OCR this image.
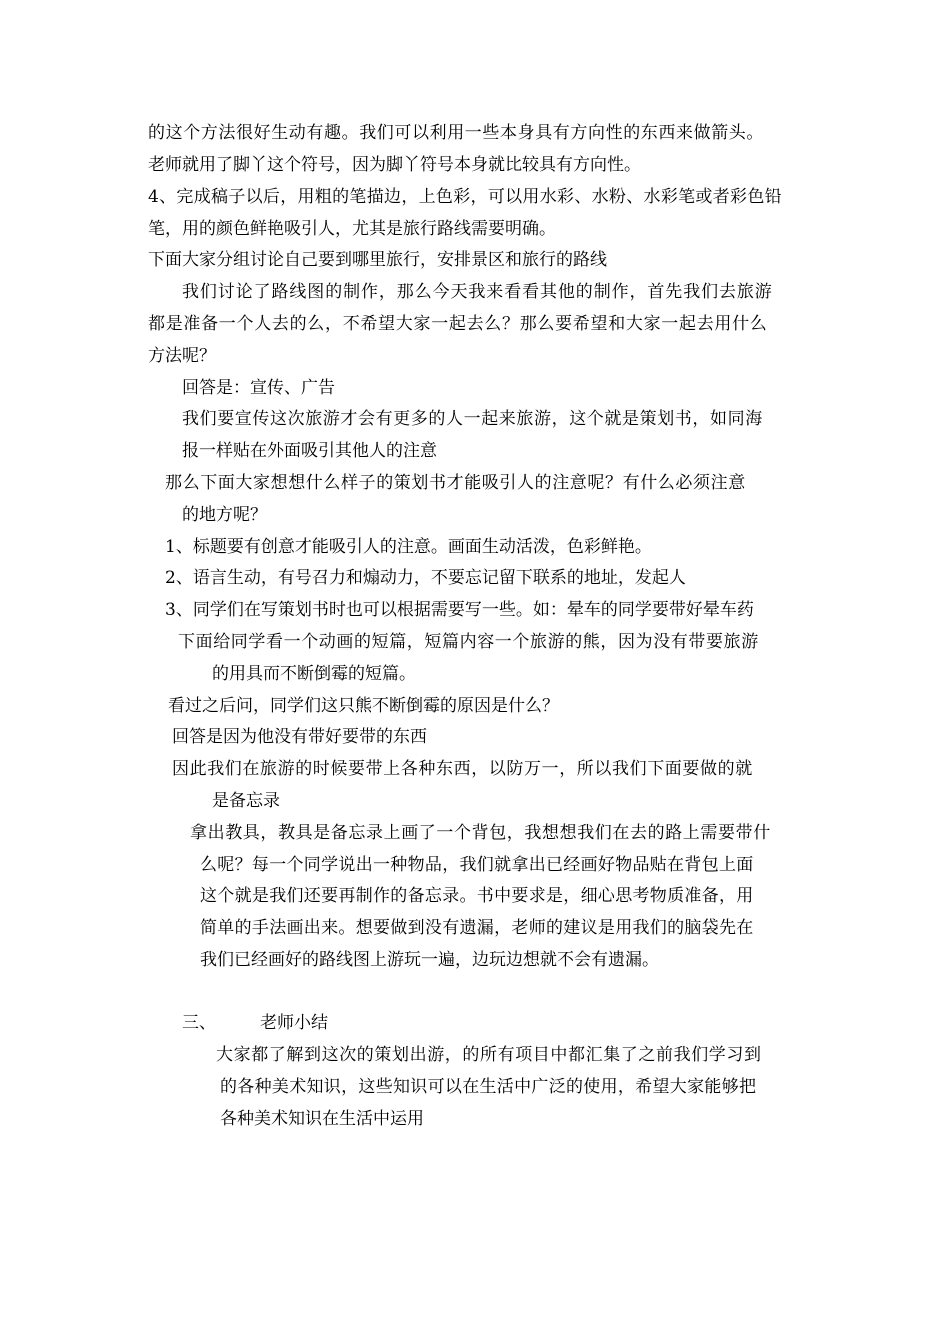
的这个方法很好生动有趣。我们可以利用一些本身具有方向性的东西来做箭头。
老师就用了脚丫这个符号，因为脚丫符号本身就比较具有方向性。
4、完成稿子以后，用粗的笔描边，上色彩，可以用水彩、水粉、水彩笔或者彩色铅
笔，用的颜色鲜艳吸引人，尤其是旅行路线需要明确。
下面大家分组讨论自己要到哪里旅行，安排景区和旅行的路线
我们讨论了路线图的制作，那么今天我来看看其他的制作，首先我们去旅游
都是准备一个人去的么，不希望大家一起去么？那么要希望和大家一起去用什么
方法呢？
回答是：宣传、广告
我们要宣传这次旅游才会有更多的人一起来旅游，这个就是策划书，如同海
报一样贴在外面吸引其他人的注意
那么下面大家想想什么样子的策划书才能吸引人的注意呢？有什么必须注意
的地方呢？
1、标题要有创意才能吸引人的注意。画面生动活泼，色彩鲜艳。
2、语言生动，有号召力和煽动力，不要忘记留下联系的地址，发起人
3、同学们在写策划书时也可以根据需要写一些。如：晕车的同学要带好晕车药
下面给同学看一个动画的短篇，短篇内容一个旅游的熊，因为没有带要旅游
的用具而不断倒霉的短篇。
看过之后问，同学们这只熊不断倒霉的原因是什么？
回答是因为他没有带好要带的东西
因此我们在旅游的时候要带上各种东西，以防万一，所以我们下面要做的就
是备忘录
拿出教具，教具是备忘录上画了一个背包，我想想我们在去的路上需要带什
么呢？每一个同学说出一种物品，我们就拿出已经画好物品贴在背包上面
这个就是我们还要再制作的备忘录。书中要求是，细心思考物质准备，用
简单的手法画出来。想要做到没有遗漏，老师的建议是用我们的脑袋先在
我们已经画好的路线图上游玩一遍，边玩边想就不会有遗漏。
三、	老师小结
大家都了解到这次的策划出游，的所有项目中都汇集了之前我们学习到
的各种美术知识，这些知识可以在生活中广泛的使用，希望大家能够把
各种美术知识在生活中运用
